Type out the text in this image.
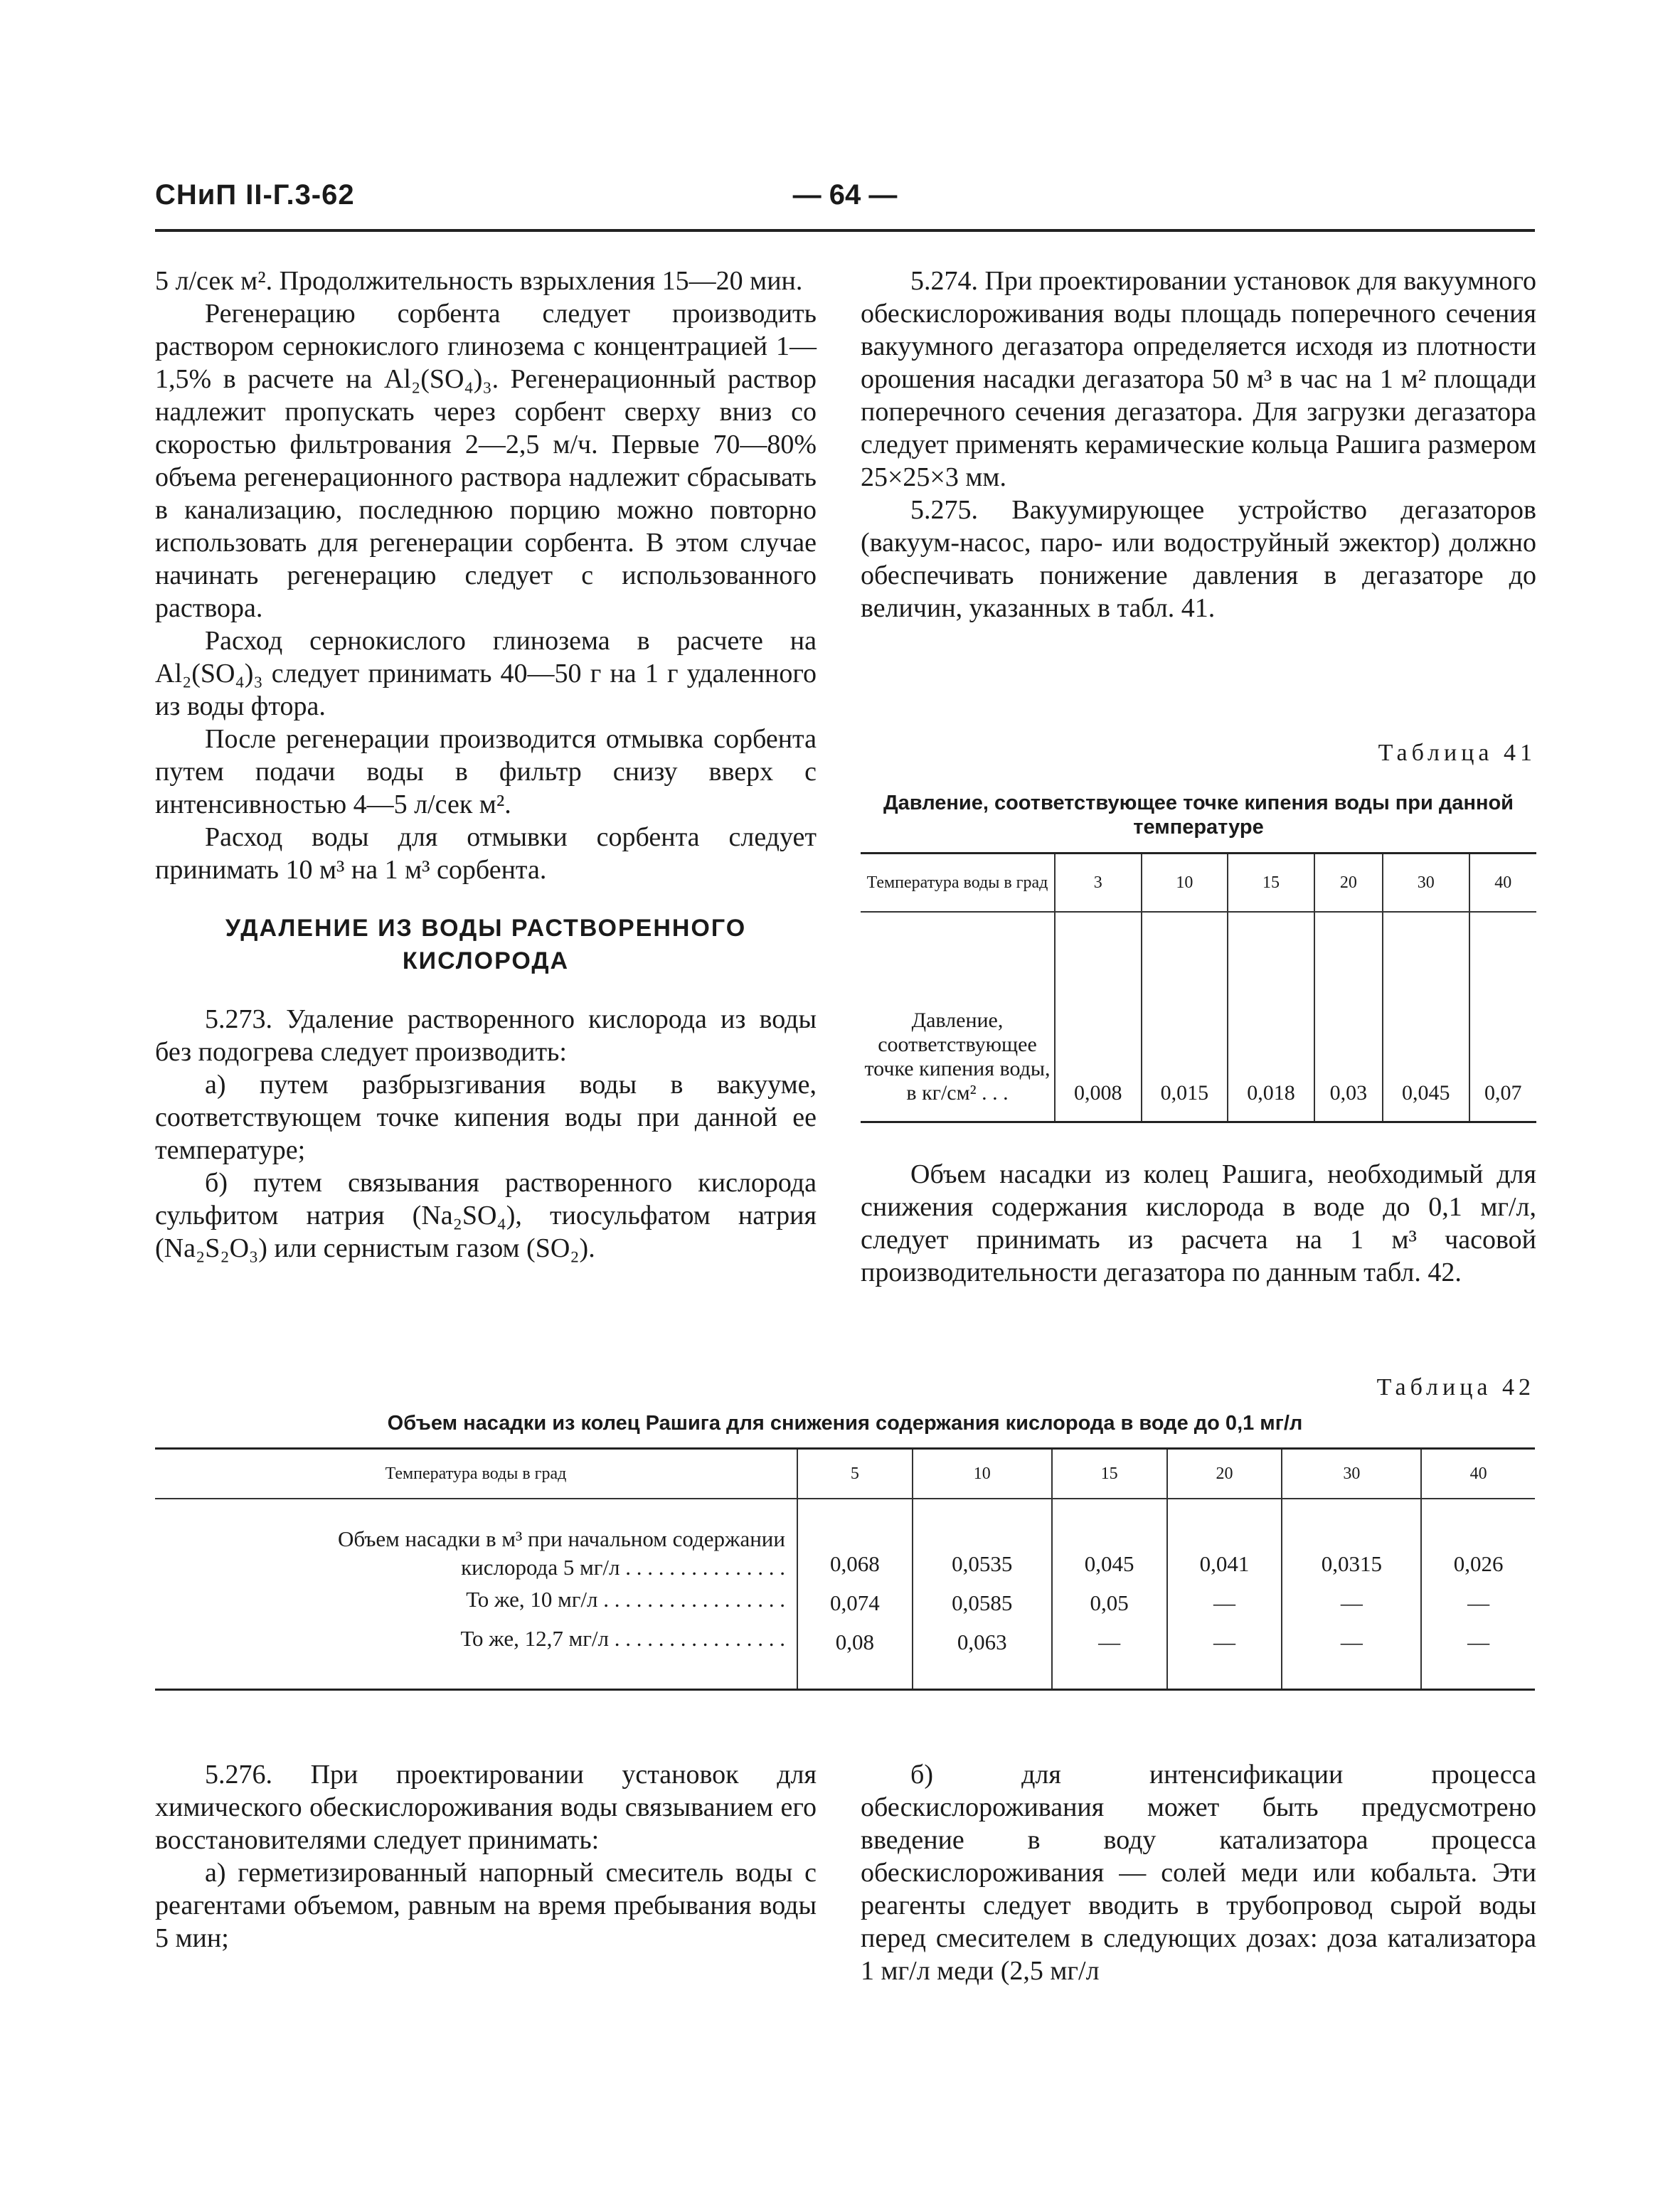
— 64 —
СНиП II-Г.3-62

5 л/сек м². Продолжительность взрыхления 15—20 мин.

Регенерацию сорбента следует производить раствором сернокислого глинозема с концентрацией 1—1,5% в расчете на Al₂(SO₄)₃. Регенерационный раствор надлежит пропускать через сорбент сверху вниз со скоростью фильтрования 2—2,5 м/ч. Первые 70—80% объема регенерационного раствора надлежит сбрасывать в канализацию, последнюю порцию можно повторно использовать для регенерации сорбента. В этом случае начинать регенерацию следует с использованного раствора.

Расход сернокислого глинозема в расчете на Al₂(SO₄)₃ следует принимать 40—50 г на 1 г удаленного из воды фтора.

После регенерации производится отмывка сорбента путем подачи воды в фильтр снизу вверх с интенсивностью 4—5 л/сек м².

Расход воды для отмывки сорбента следует принимать 10 м³ на 1 м³ сорбента.

УДАЛЕНИЕ ИЗ ВОДЫ РАСТВОРЕННОГО КИСЛОРОДА

5.273. Удаление растворенного кислорода из воды без подогрева следует производить:

а) путем разбрызгивания воды в вакууме, соответствующем точке кипения воды при данной ее температуре;

б) путем связывания растворенного кислорода сульфитом натрия (Na₂SO₄), тиосульфатом натрия (Na₂S₂O₃) или сернистым газом (SO₂).

5.274. При проектировании установок для вакуумного обескислороживания воды площадь поперечного сечения вакуумного дегазатора определяется исходя из плотности орошения насадки дегазатора 50 м³ в час на 1 м² площади поперечного сечения дегазатора. Для загрузки дегазатора следует применять керамические кольца Рашига размером 25×25×3 мм.

5.275. Вакуумирующее устройство дегазаторов (вакуум-насос, паро- или водоструйный эжектор) должно обеспечивать понижение давления в дегазаторе до величин, указанных в табл. 41.

Таблица 41
Давление, соответствующее точке кипения воды при данной температуре
Температура воды в град	3	10	15	20	30	40
Давление, соответствующее точке кипения воды, в кг/см² . . .	0,008	0,015	0,018	0,03	0,045	0,07

Объем насадки из колец Рашига, необходимый для снижения содержания кислорода в воде до 0,1 мг/л, следует принимать из расчета на 1 м³ часовой производительности дегазатора по данным табл. 42.

Таблица 42
Объем насадки из колец Рашига для снижения содержания кислорода в воде до 0,1 мг/л
Температура воды в град	5	10	15	20	30	40

Объем насадки в м³ при начальном содержании
кислорода 5 мг/л . . . . . . . . . . . . . . .	0,068	0,0535	0,045	0,041	0,0315	0,026
То же, 10 мг/л . . . . . . . . . . . . . . . . .	0,074	0,0585	0,05	—	—	—
То же, 12,7 мг/л . . . . . . . . . . . . . . . .	0,08	0,063	—	—	—	—

5.276. При проектировании установок для химического обескислороживания воды связыванием его восстановителями следует принимать:

а) герметизированный напорный смеситель воды с реагентами объемом, равным на время пребывания воды 5 мин;

б) для интенсификации процесса обескислороживания может быть предусмотрено введение в воду катализатора процесса обескислороживания — солей меди или кобальта. Эти реагенты следует вводить в трубопровод сырой воды перед смесителем в следующих дозах: доза катализатора 1 мг/л меди (2,5 мг/л
